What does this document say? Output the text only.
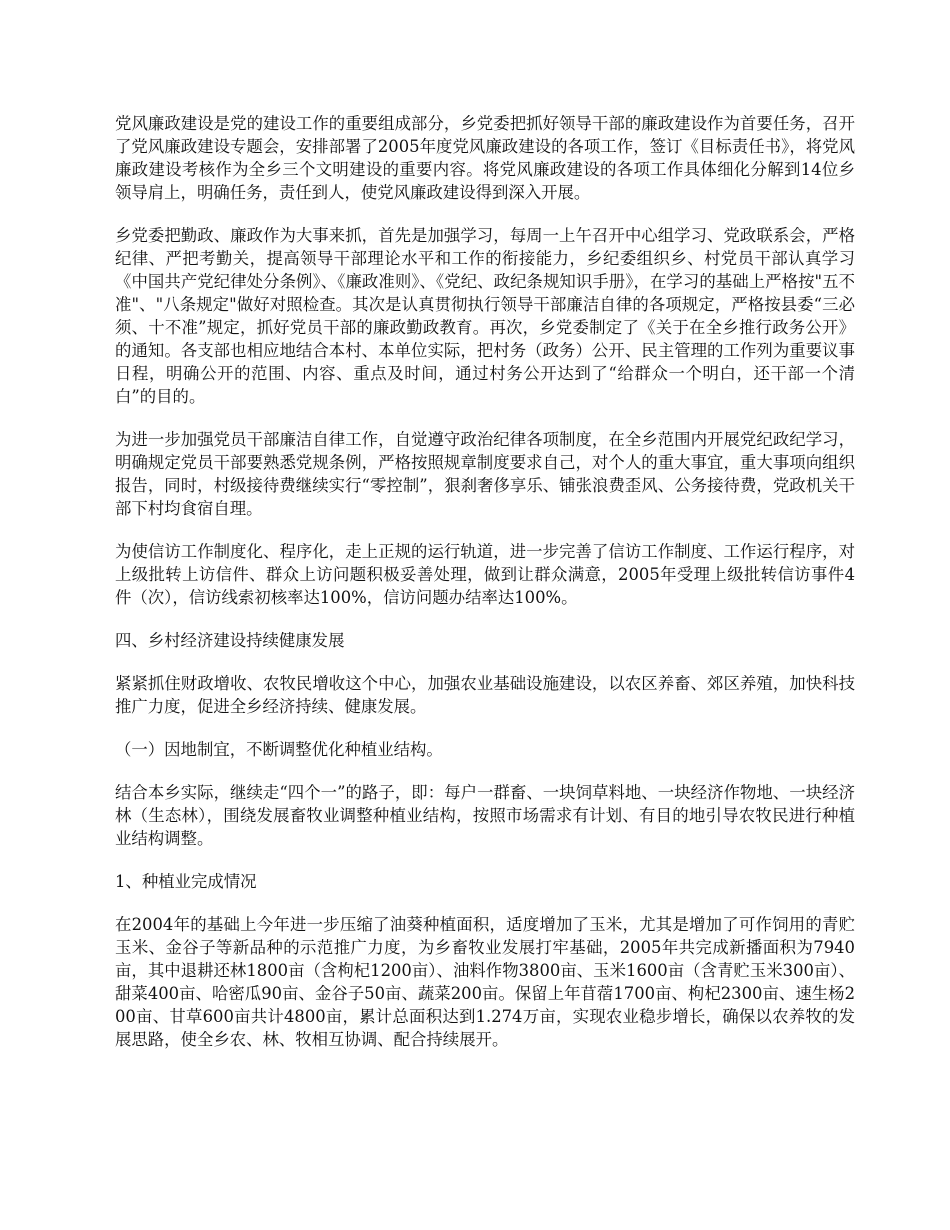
党风廉政建设是党的建设工作的重要组成部分，乡党委把抓好领导干部的廉政建设作为首要任务，召开了党风廉政建设专题会，安排部署了2005年度党风廉政建设的各项工作，签订《目标责任书》，将党风廉政建设考核作为全乡三个文明建设的重要内容。将党风廉政建设的各项工作具体细化分解到14位乡领导肩上，明确任务，责任到人，使党风廉政建设得到深入开展。

乡党委把勤政、廉政作为大事来抓，首先是加强学习，每周一上午召开中心组学习、党政联系会，严格纪律、严把考勤关，提高领导干部理论水平和工作的衔接能力，乡纪委组织乡、村党员干部认真学习《中国共产党纪律处分条例》、《廉政准则》、《党纪、政纪条规知识手册》，在学习的基础上严格按"五不准"、"八条规定"做好对照检查。其次是认真贯彻执行领导干部廉洁自律的各项规定，严格按县委“三必须、十不准”规定，抓好党员干部的廉政勤政教育。再次，乡党委制定了《关于在全乡推行政务公开》的通知。各支部也相应地结合本村、本单位实际，把村务（政务）公开、民主管理的工作列为重要议事日程，明确公开的范围、内容、重点及时间，通过村务公开达到了“给群众一个明白，还干部一个清白”的目的。

为进一步加强党员干部廉洁自律工作，自觉遵守政治纪律各项制度，在全乡范围内开展党纪政纪学习，明确规定党员干部要熟悉党规条例，严格按照规章制度要求自己，对个人的重大事宜，重大事项向组织报告，同时，村级接待费继续实行“零控制”，狠刹奢侈享乐、铺张浪费歪风、公务接待费，党政机关干部下村均食宿自理。

为使信访工作制度化、程序化，走上正规的运行轨道，进一步完善了信访工作制度、工作运行程序，对上级批转上访信件、群众上访问题积极妥善处理，做到让群众满意，2005年受理上级批转信访事件4件（次），信访线索初核率达100%，信访问题办结率达100%。

四、乡村经济建设持续健康发展

紧紧抓住财政增收、农牧民增收这个中心，加强农业基础设施建设，以农区养畜、郊区养殖，加快科技推广力度，促进全乡经济持续、健康发展。

（一）因地制宜，不断调整优化种植业结构。

结合本乡实际，继续走“四个一”的路子，即：每户一群畜、一块饲草料地、一块经济作物地、一块经济林（生态林），围绕发展畜牧业调整种植业结构，按照市场需求有计划、有目的地引导农牧民进行种植业结构调整。

1、种植业完成情况

在2004年的基础上今年进一步压缩了油葵种植面积，适度增加了玉米，尤其是增加了可作饲用的青贮玉米、金谷子等新品种的示范推广力度，为乡畜牧业发展打牢基础，2005年共完成新播面积为7940亩，其中退耕还林1800亩（含枸杞1200亩）、油料作物3800亩、玉米1600亩（含青贮玉米300亩）、甜菜400亩、哈密瓜90亩、金谷子50亩、蔬菜200亩。保留上年苜蓿1700亩、枸杞2300亩、速生杨200亩、甘草600亩共计4800亩，累计总面积达到1.274万亩，实现农业稳步增长，确保以农养牧的发展思路，使全乡农、林、牧相互协调、配合持续展开。
